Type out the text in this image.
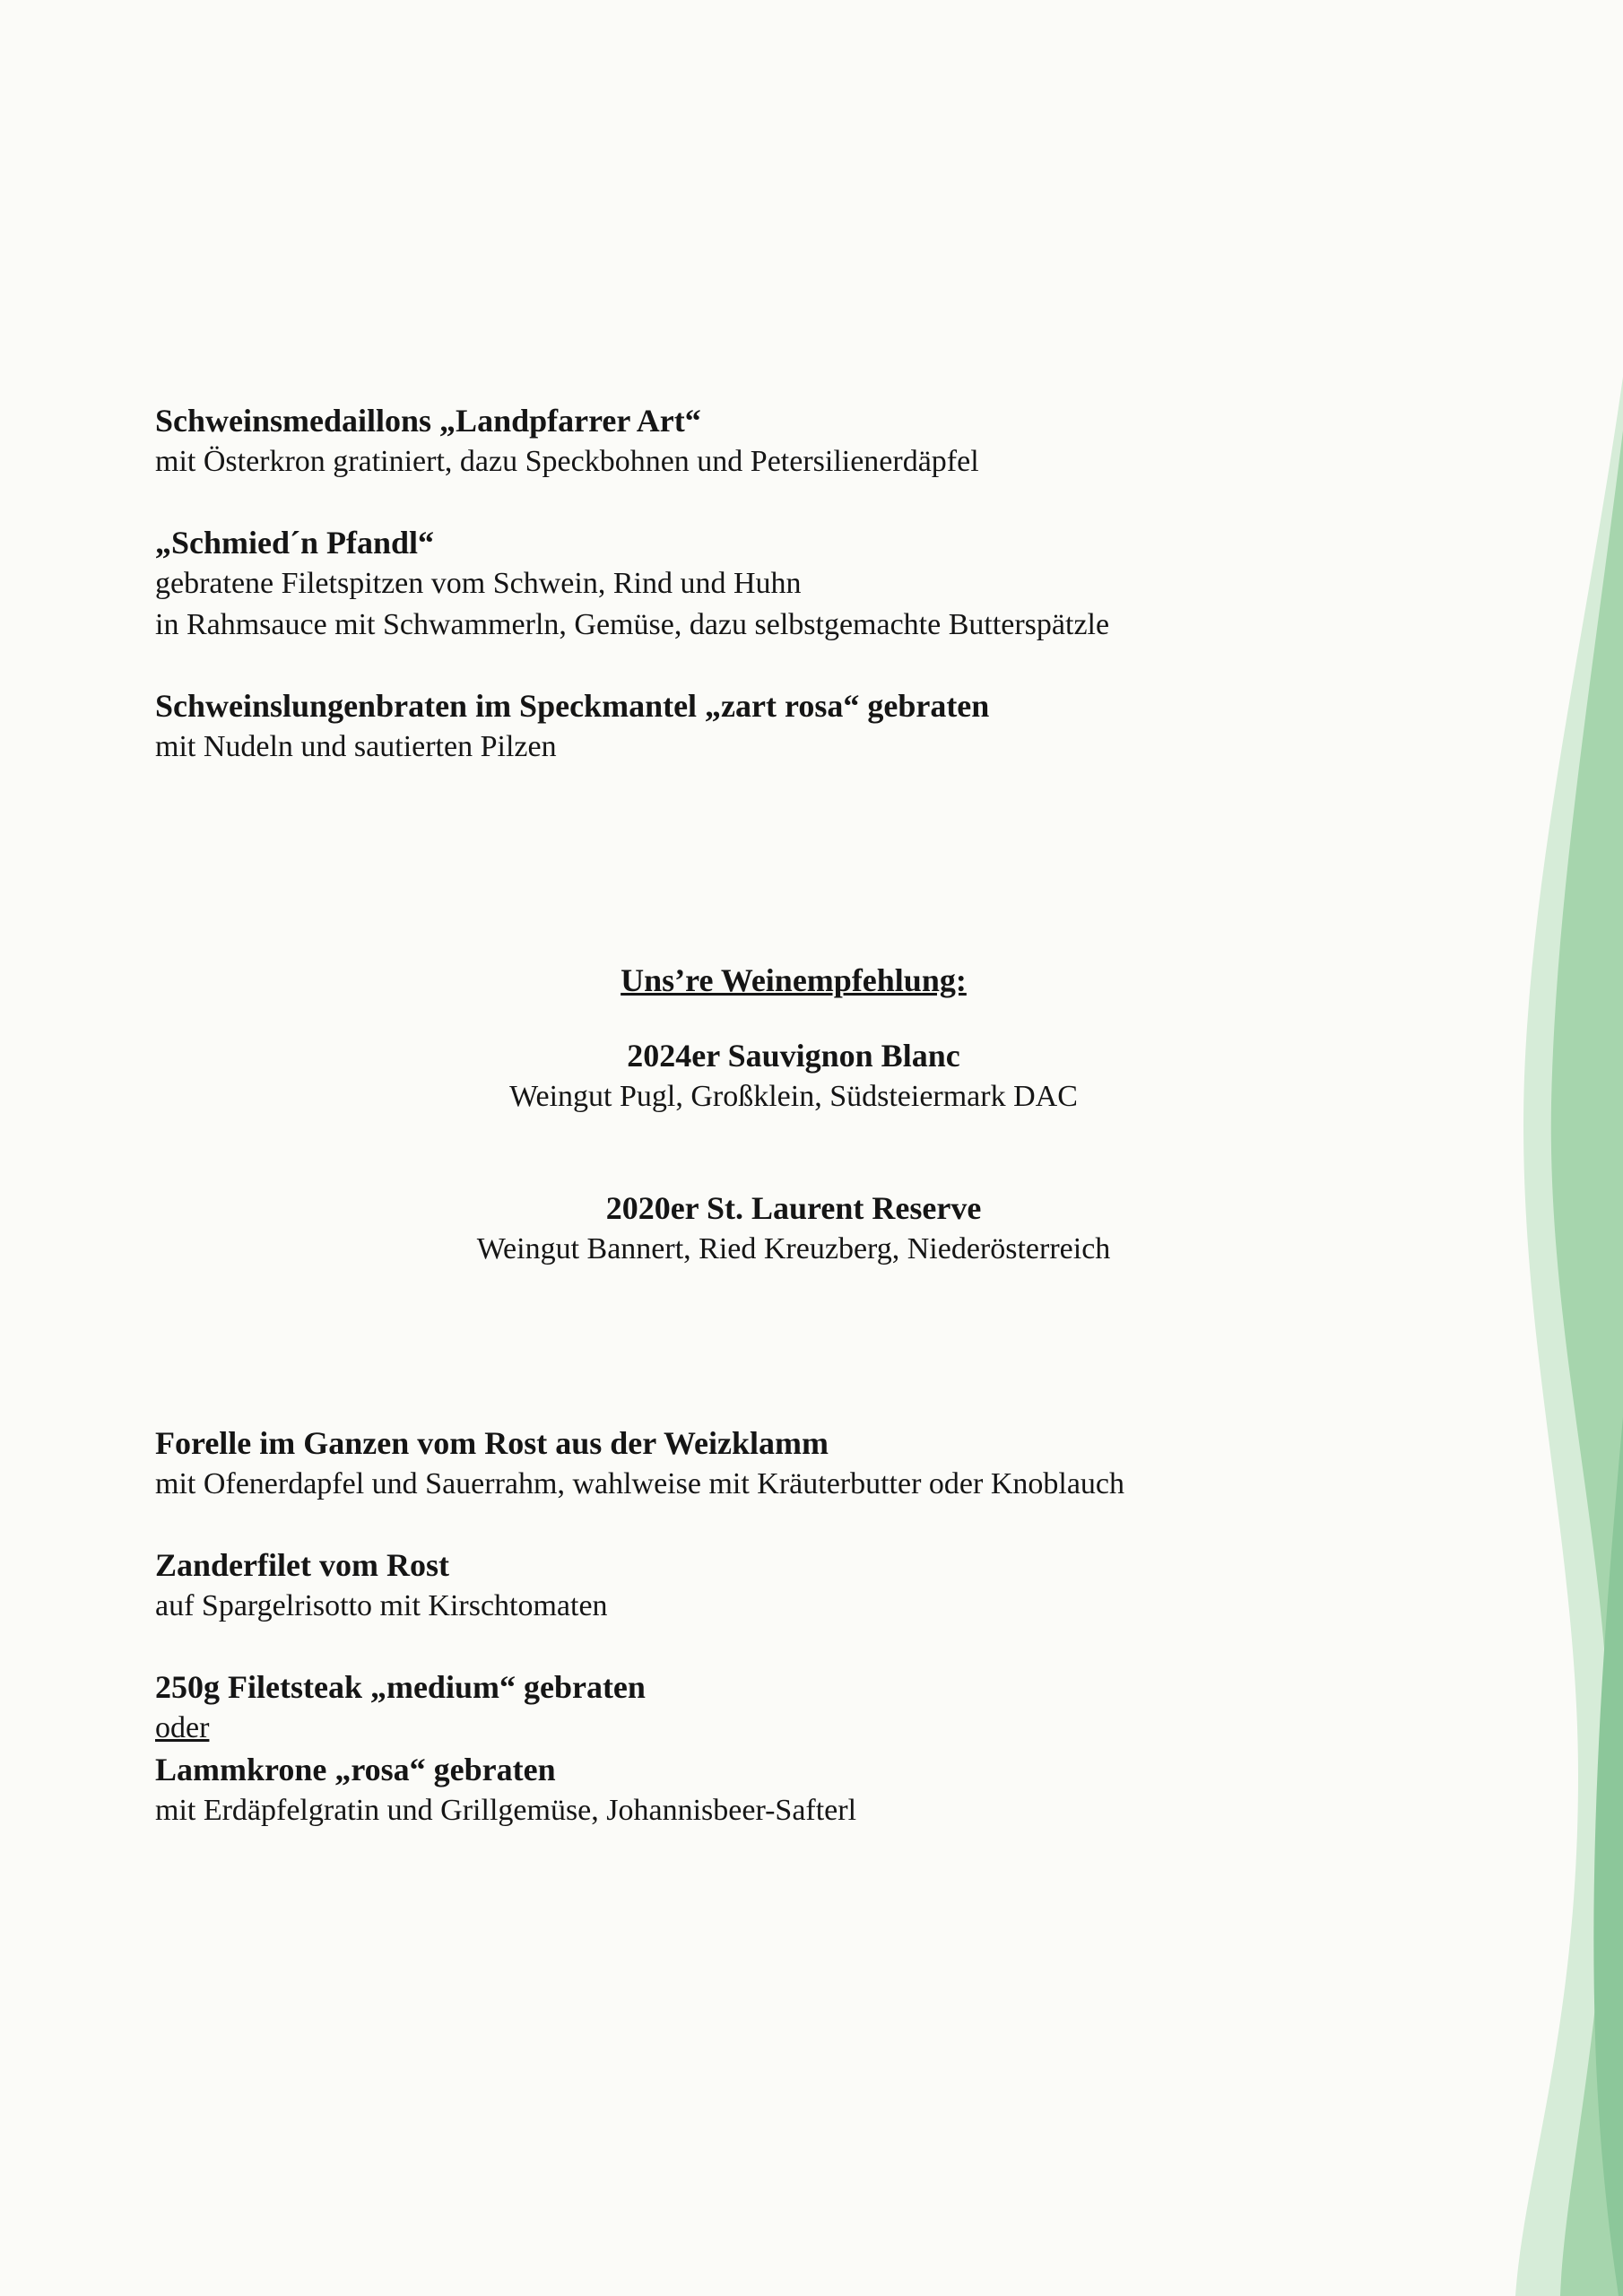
Schweinsmedaillons „Landpfarrer Art“
mit Österkron gratiniert, dazu Speckbohnen und Petersilienerdäpfel
„Schmied´n Pfandl“
gebratene Filetspitzen vom Schwein, Rind und Huhn
in Rahmsauce mit Schwammerln, Gemüse, dazu selbstgemachte Butterspätzle
Schweinslungenbraten im Speckmantel „zart rosa“ gebraten
mit Nudeln und sautierten Pilzen
Uns’re Weinempfehlung:
2024er Sauvignon Blanc
Weingut Pugl, Großklein, Südsteiermark DAC
2020er St. Laurent Reserve
Weingut Bannert, Ried Kreuzberg, Niederösterreich
Forelle im Ganzen vom Rost aus der Weizklamm
mit Ofenerdapfel und Sauerrahm, wahlweise mit Kräuterbutter oder Knoblauch
Zanderfilet vom Rost
auf Spargelrisotto mit Kirschtomaten
250g Filetsteak „medium“ gebraten
oder
Lammkrone „rosa“ gebraten
mit Erdäpfelgratin und Grillgemüse, Johannisbeer-Safterl
